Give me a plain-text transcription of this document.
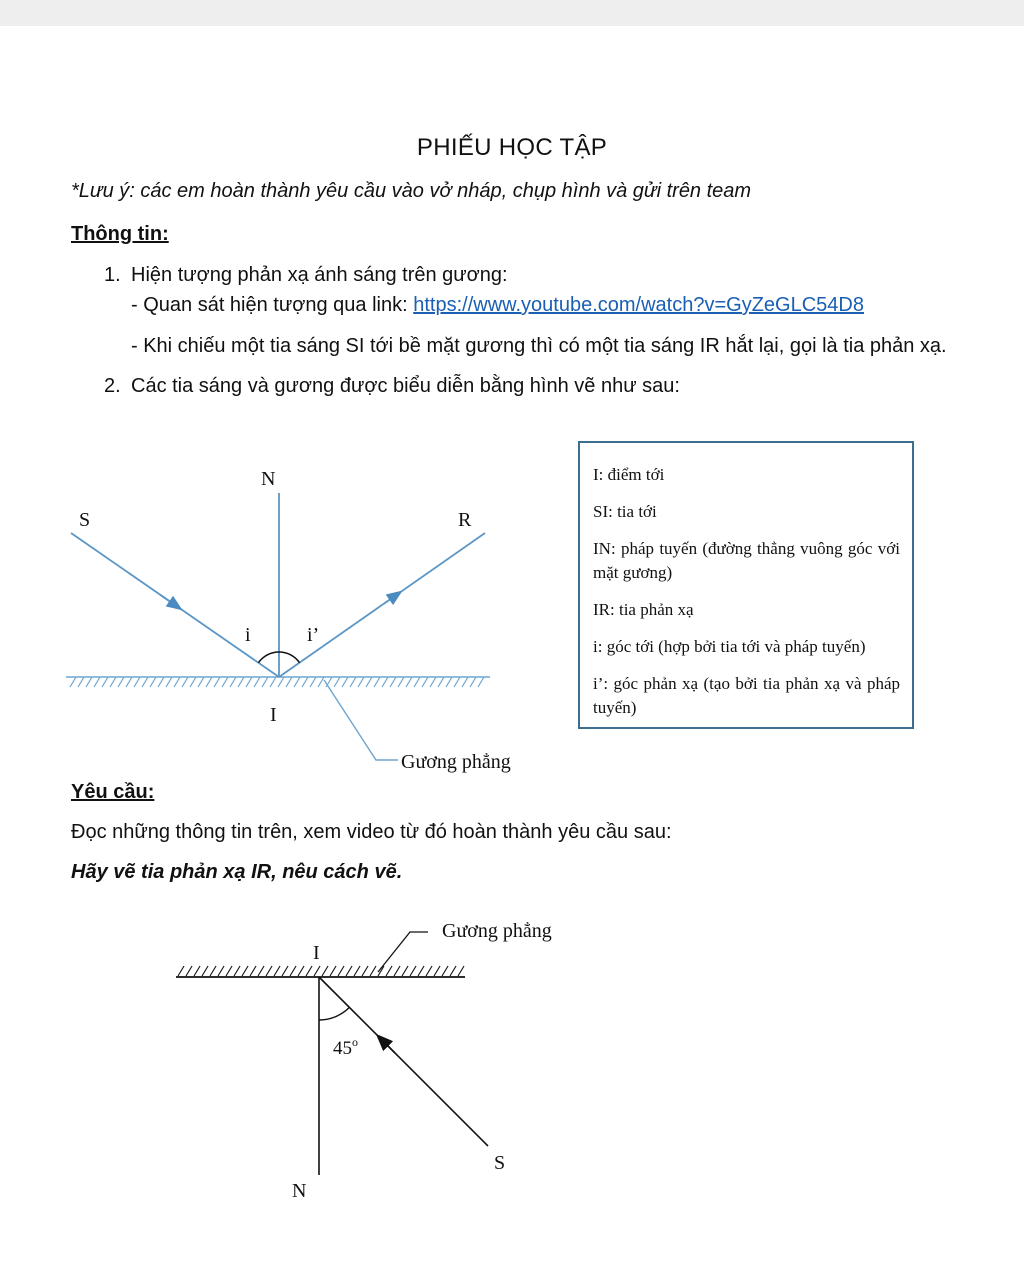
PHIẾU HỌC TẬP
*Lưu ý: các em hoàn thành yêu cầu vào vở nháp, chụp hình và gửi trên team
Thông tin:
1. Hiện tượng phản xạ ánh sáng trên gương:
- Quan sát hiện tượng qua link: https://www.youtube.com/watch?v=GyZeGLC54D8
- Khi chiếu một tia sáng SI tới bề mặt gương thì có một tia sáng IR hắt lại, gọi là tia phản xạ.
2. Các tia sáng và gương được biểu diễn bằng hình vẽ như sau:
N
S	R
i	i’
I
Gương phẳng

I: điểm tới

SI: tia tới

IN: pháp tuyến (đường thẳng vuông góc với mặt gương)

IR: tia phản xạ

i: góc tới (hợp bởi tia tới và pháp tuyến)

i’: góc phản xạ (tạo bởi tia phản xạ và pháp tuyến)

Yêu cầu:
Đọc những thông tin trên, xem video từ đó hoàn thành yêu cầu sau:
Hãy vẽ tia phản xạ IR, nêu cách vẽ.
Gương phẳng
I
45$^o$
S
N
